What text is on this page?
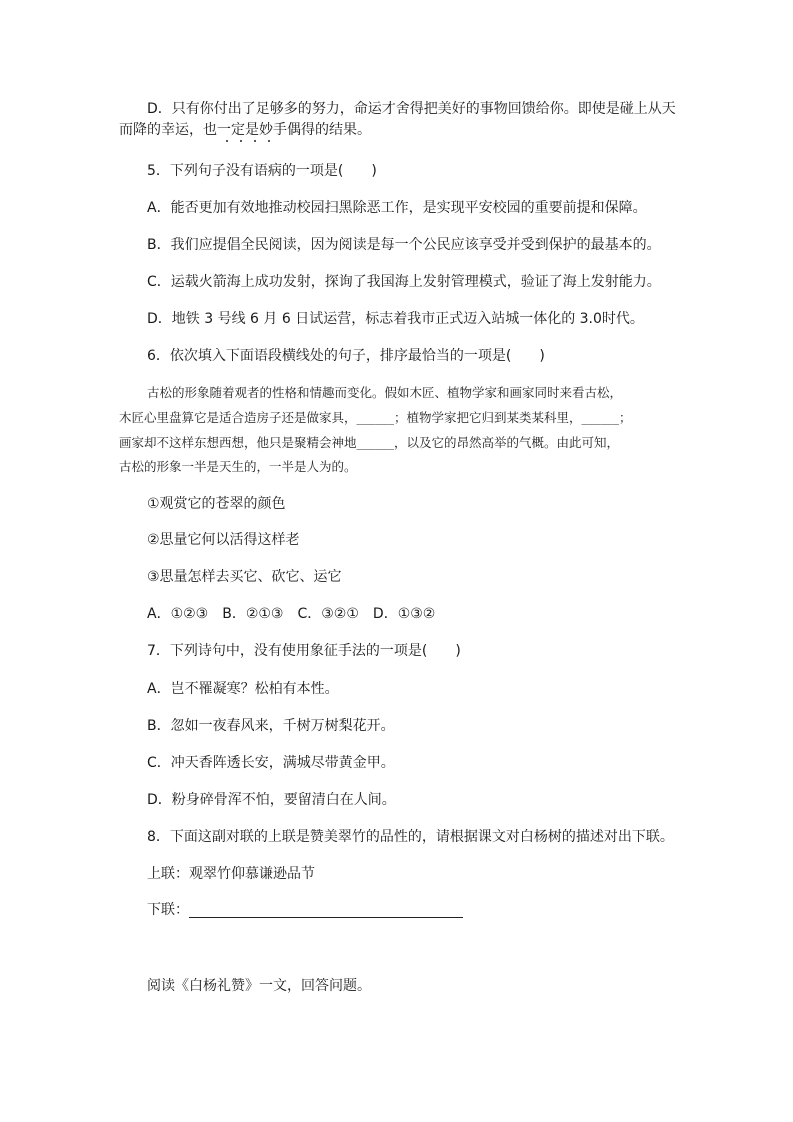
D．只有你付出了足够多的努力，命运才舍得把美好的事物回馈给你。即使是碰上从天
而降的幸运，也一定是妙手偶得的结果。
5．下列句子没有语病的一项是(　　)
A．能否更加有效地推动校园扫黑除恶工作，是实现平安校园的重要前提和保障。
B．我们应提倡全民阅读，因为阅读是每一个公民应该享受并受到保护的最基本的。
C．运载火箭海上成功发射，探询了我国海上发射管理模式，验证了海上发射能力。
D．地铁 3 号线 6 月 6 日试运营，标志着我市正式迈入站城一体化的 3.0时代。
6．依次填入下面语段横线处的句子，排序最恰当的一项是(　　)
古松的形象随着观者的性格和情趣而变化。假如木匠、植物学家和画家同时来看古松，
木匠心里盘算它是适合造房子还是做家具，______；植物学家把它归到某类某科里，______；
画家却不这样东想西想，他只是聚精会神地______，以及它的昂然高举的气概。由此可知，
古松的形象一半是天生的，一半是人为的。
①观赏它的苍翠的颜色
②思量它何以活得这样老
③思量怎样去买它、砍它、运它
A．①②③　B．②①③　C．③②①　D．①③②
7．下列诗句中，没有使用象征手法的一项是(　　)
A．岂不罹凝寒？松柏有本性。
B．忽如一夜春风来，千树万树梨花开。
C．冲天香阵透长安，满城尽带黄金甲。
D．粉身碎骨浑不怕，要留清白在人间。
8．下面这副对联的上联是赞美翠竹的品性的，请根据课文对白杨树的描述对出下联。
上联：观翠竹仰慕谦逊品节
下联：
阅读《白杨礼赞》一文，回答问题。
